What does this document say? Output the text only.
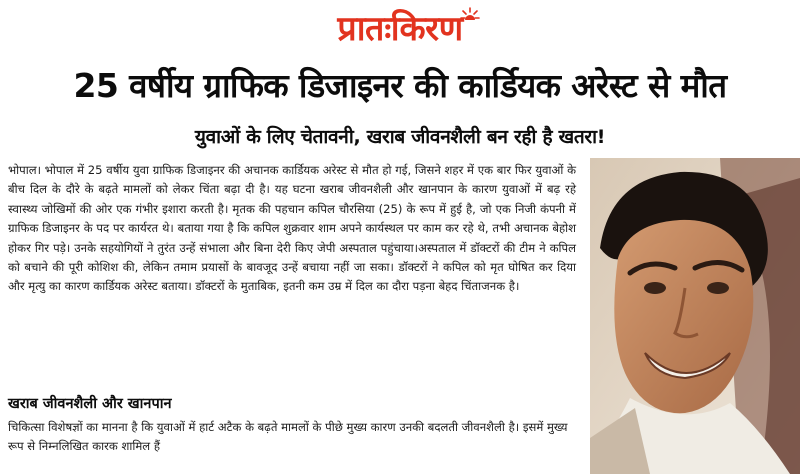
प्रातःकिरण
25 वर्षीय ग्राफिक डिजाइनर की कार्डियक अरेस्ट से मौत
युवाओं के लिए चेतावनी, खराब जीवनशैली बन रही है खतरा!
भोपाल। भोपाल में 25 वर्षीय युवा ग्राफिक डिजाइनर की अचानक कार्डियक अरेस्ट से मौत हो गई, जिसने शहर में एक बार फिर युवाओं के बीच दिल के दौरे के बढ़ते मामलों को लेकर चिंता बढ़ा दी है। यह घटना खराब जीवनशैली और खानपान के कारण युवाओं में बढ़ रहे स्वास्थ्य जोखिमों की ओर एक गंभीर इशारा करती है। मृतक की पहचान कपिल चौरसिया (25) के रूप में हुई है, जो एक निजी कंपनी में ग्राफिक डिजाइनर के पद पर कार्यरत थे। बताया गया है कि कपिल शुक्रवार शाम अपने कार्यस्थल पर काम कर रहे थे, तभी अचानक बेहोश होकर गिर पड़े। उनके सहयोगियों ने तुरंत उन्हें संभाला और बिना देरी किए जेपी अस्पताल पहुंचाया।अस्पताल में डॉक्टरों की टीम ने कपिल को बचाने की पूरी कोशिश की, लेकिन तमाम प्रयासों के बावजूद उन्हें बचाया नहीं जा सका। डॉक्टरों ने कपिल को मृत घोषित कर दिया और मृत्यु का कारण कार्डियक अरेस्ट बताया। डॉक्टरों के मुताबिक, इतनी कम उम्र में दिल का दौरा पड़ना बेहद चिंताजनक है।
खराब जीवनशैली और खानपान
चिकित्सा विशेषज्ञों का मानना है कि युवाओं में हार्ट अटैक के बढ़ते मामलों के पीछे मुख्य कारण उनकी बदलती जीवनशैली है। इसमें मुख्य रूप से निम्नलिखित कारक शामिल हैं
